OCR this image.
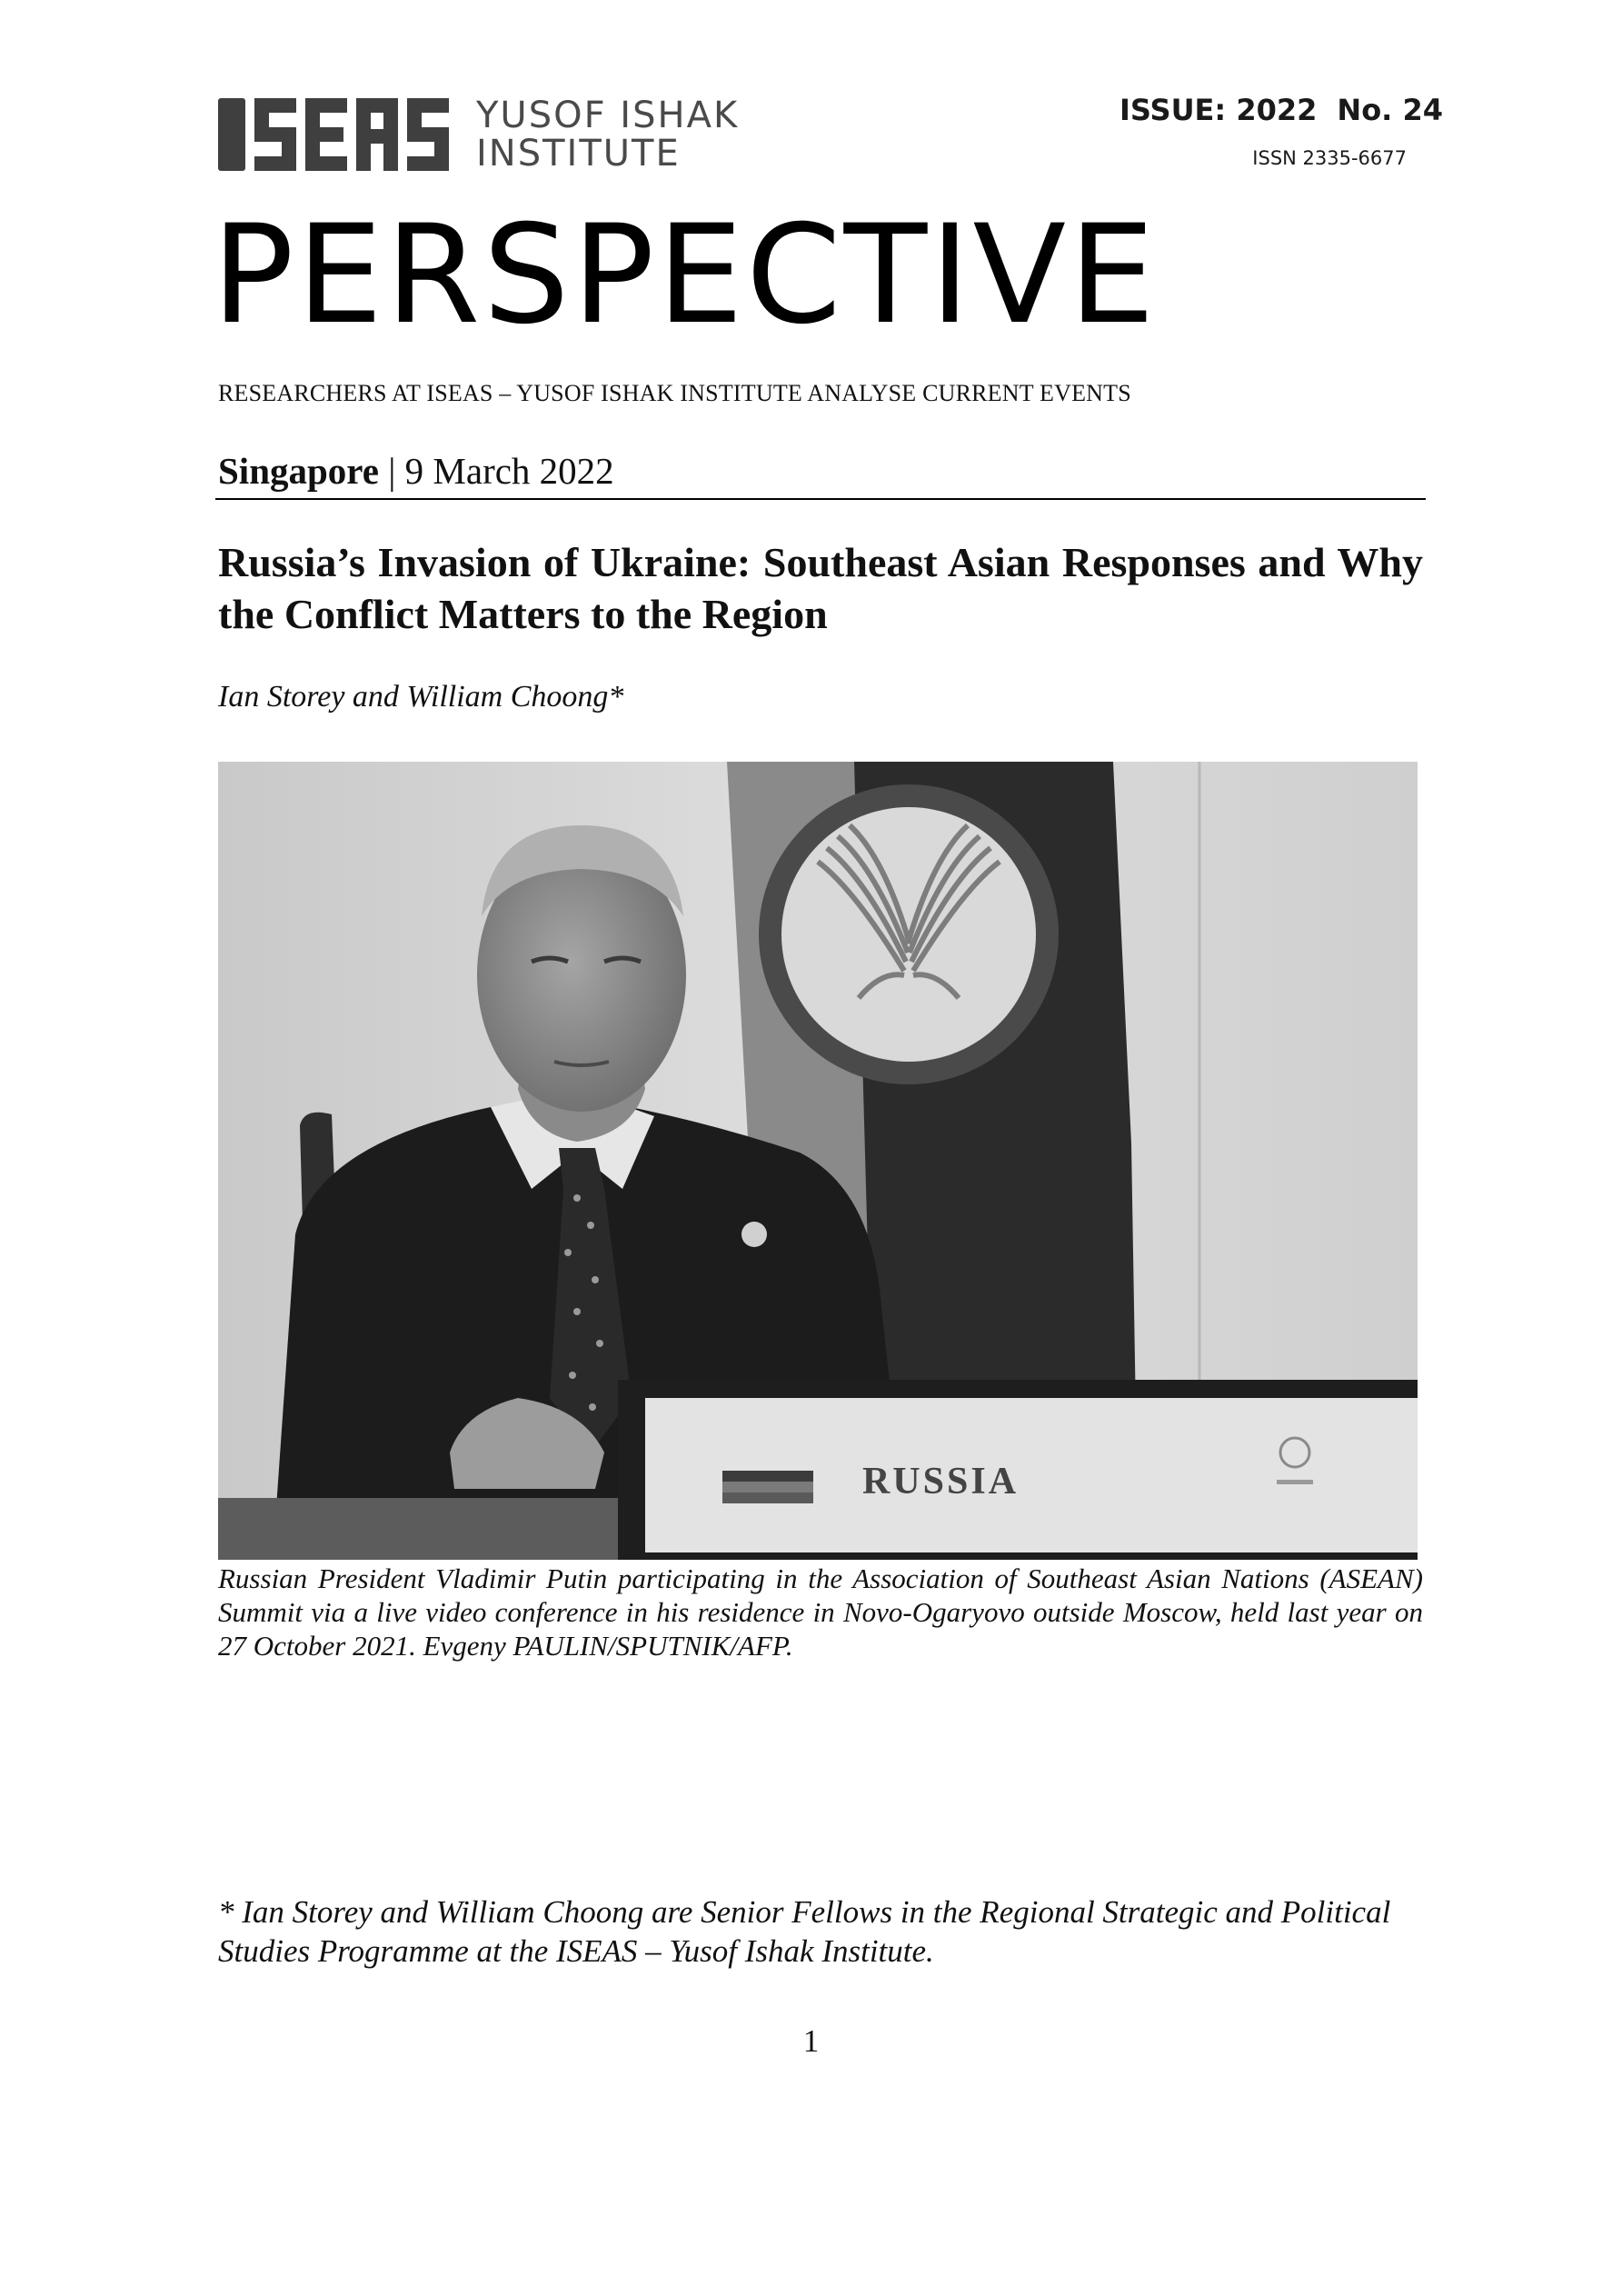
YUSOF ISHAK
INSTITUTE
ISSUE: 2022 No. 24
ISSN 2335-6677
PERSPECTIVE
RESEARCHERS AT ISEAS – YUSOF ISHAK INSTITUTE ANALYSE CURRENT EVENTS
Singapore | 9 March 2022
Russia’s Invasion of Ukraine: Southeast Asian Responses and Why the Conflict Matters to the Region
Ian Storey and William Choong*
RUSSIA
Russian President Vladimir Putin participating in the Association of Southeast Asian Nations (ASEAN) Summit via a live video conference in his residence in Novo-Ogaryovo outside Moscow, held last year on 27 October 2021. Evgeny PAULIN/SPUTNIK/AFP.
* Ian Storey and William Choong are Senior Fellows in the Regional Strategic and Political Studies Programme at the ISEAS – Yusof Ishak Institute.
1
